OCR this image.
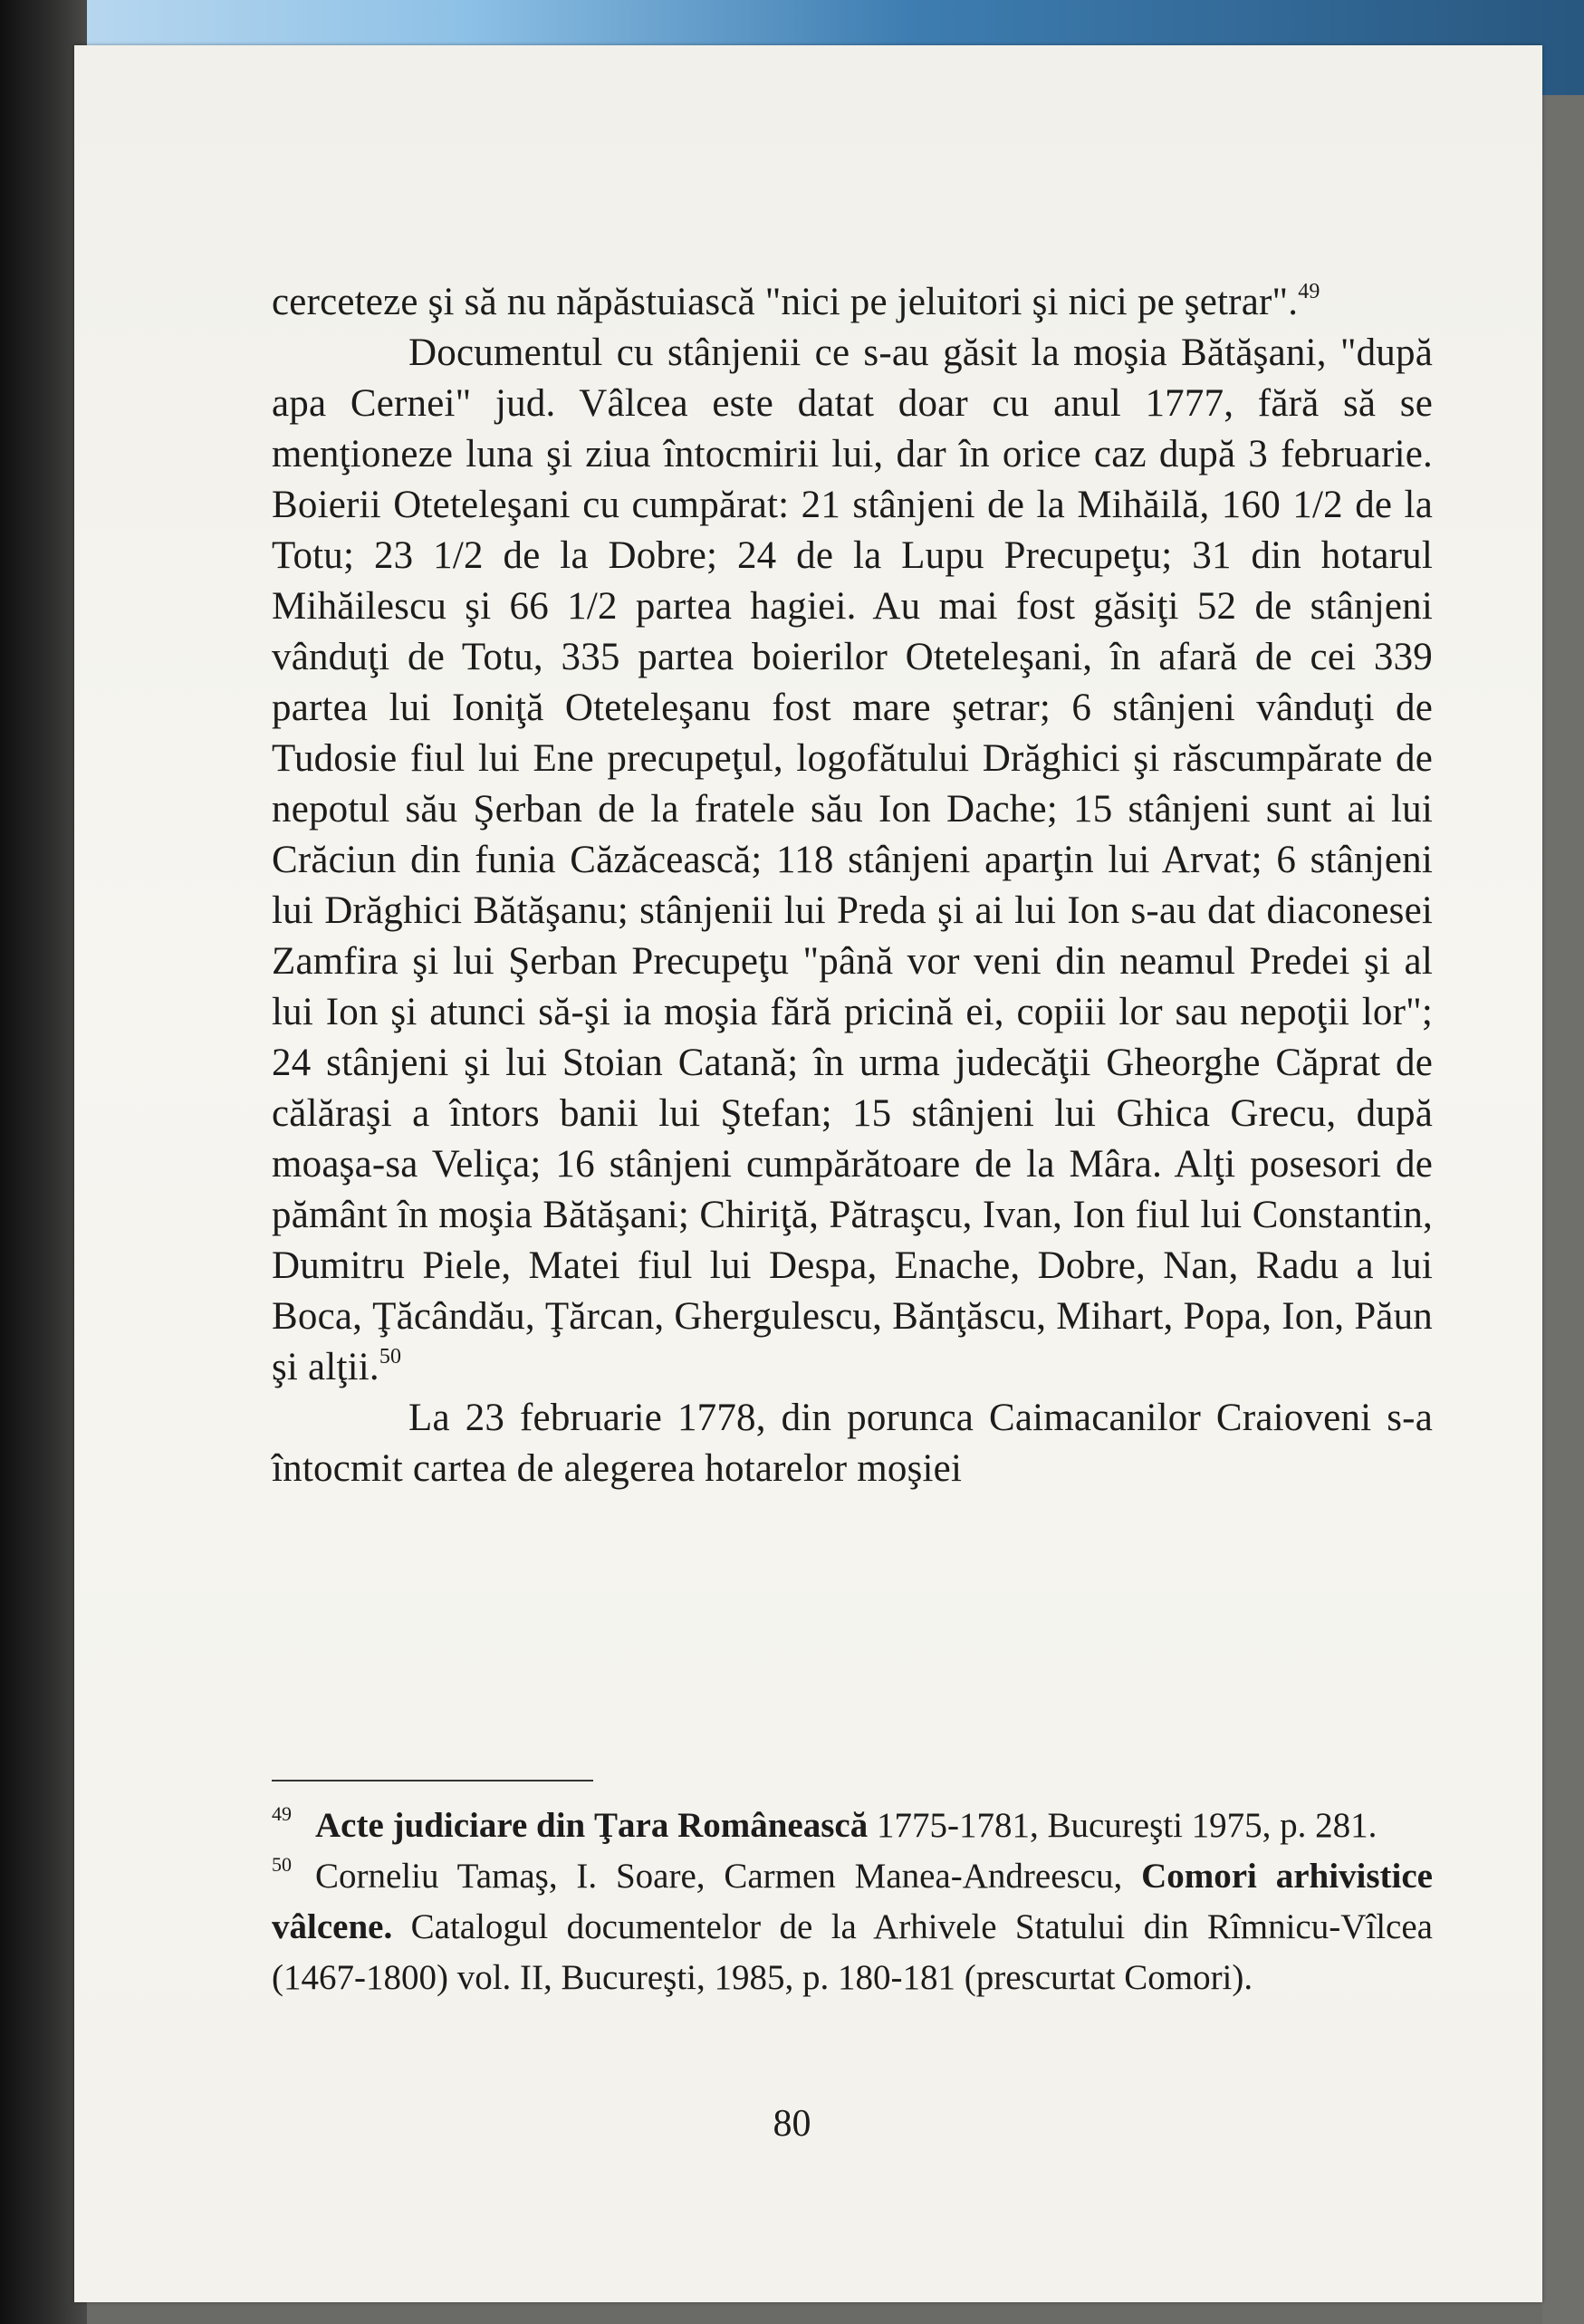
cerceteze şi să nu năpăstuiască "nici pe jeluitori şi nici pe şetrar".$^{49}$

Documentul cu stânjenii ce s-au găsit la moşia Bătăşani, "după apa Cernei" jud. Vâlcea este datat doar cu anul 1777, fără să se menţioneze luna şi ziua întocmirii lui, dar în orice caz după 3 februarie. Boierii Oteteleşani cu cumpărat: 21 stânjeni de la Mihăilă, 160 1/2 de la Totu; 23 1/2 de la Dobre; 24 de la Lupu Precupeţu; 31 din hotarul Mihăilescu şi 66 1/2 partea hagiei. Au mai fost găsiţi 52 de stânjeni vânduţi de Totu, 335 partea boierilor Oteteleşani, în afară de cei 339 partea lui Ioniţă Oteteleşanu fost mare şetrar; 6 stânjeni vânduţi de Tudosie fiul lui Ene precupeţul, logofătului Drăghici şi răscumpărate de nepotul său Şerban de la fratele său Ion Dache; 15 stânjeni sunt ai lui Crăciun din funia Căzăcească; 118 stânjeni aparţin lui Arvat; 6 stânjeni lui Drăghici Bătăşanu; stânjenii lui Preda şi ai lui Ion s-au dat diaconesei Zamfira şi lui Şerban Precupeţu "până vor veni din neamul Predei şi al lui Ion şi atunci să-şi ia moşia fără pricină ei, copiii lor sau nepoţii lor"; 24 stânjeni şi lui Stoian Catană; în urma judecăţii Gheorghe Căprat de călăraşi a întors banii lui Ştefan; 15 stânjeni lui Ghica Grecu, după moaşa-sa Veliça; 16 stânjeni cumpărătoare de la Mâra. Alţi posesori de pământ în moşia Bătăşani; Chiriţă, Pătraşcu, Ivan, Ion fiul lui Constantin, Dumitru Piele, Matei fiul lui Despa, Enache, Dobre, Nan, Radu a lui Boca, Ţăcândău, Ţărcan, Ghergulescu, Bănţăscu, Mihart, Popa, Ion, Păun şi alţii.$^{50}$

La 23 februarie 1778, din porunca Caimacanilor Craioveni s-a întocmit cartea de alegerea hotarelor moşiei

$^{49}$ Acte judiciare din Ţara Românească 1775-1781, Bucureşti 1975, p. 281.

$^{50}$ Corneliu Tamaş, I. Soare, Carmen Manea-Andreescu, Comori arhivistice vâlcene. Catalogul documentelor de la Arhivele Statului din Rîmnicu-Vîlcea (1467-1800) vol. II, Bucureşti, 1985, p. 180-181 (prescurtat Comori).

80
